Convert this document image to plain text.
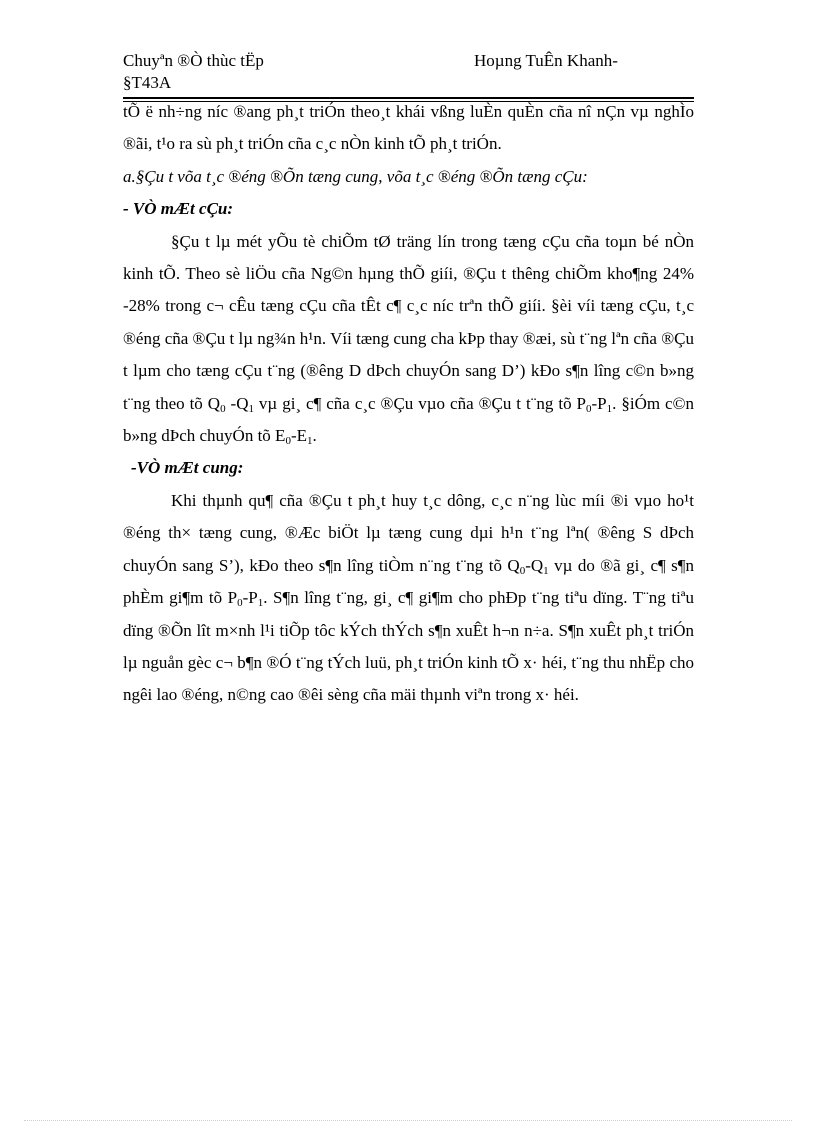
Chuyªn ®Ò thùc tËp
§T43A
Hoµng TuÊn Khanh-

tÕ ë nh÷ng níc ®ang ph¸t triÓn theo¸t khái vßng luÈn quÈn cña nî nÇn vµ nghÌo ®ãi, t¹o ra sù ph¸t triÓn cña c¸c nÒn kinh tÕ ph¸t triÓn.

a.§Çu t võa t¸c ®éng ®Õn tæng cung, võa t¸c ®éng ®Õn tæng cÇu:

- VÒ mÆt cÇu:

§Çu t lµ mét yÕu tè chiÕm tØ träng lín trong tæng cÇu cña toµn bé nÒn kinh tÕ. Theo sè liÖu cña Ng©n hµng thÕ giíi, ®Çu t thêng chiÕm kho¶ng 24% -28% trong c¬ cÊu tæng cÇu cña tÊt c¶ c¸c níc trªn thÕ giíi. §èi víi tæng cÇu, t¸c ®éng cña ®Çu t lµ ng¾n h¹n. Víi tæng cung cha kÞp thay ®æi, sù t¨ng lªn cña ®Çu t lµm cho tæng cÇu t¨ng (®êng D dÞch chuyÓn sang D’) kÐo s¶n lîng c©n b»ng t¨ng theo tõ $Q_0$ $-Q_1$ vµ gi¸ c¶ cña c¸c ®Çu vµo cña ®Çu t t¨ng tõ $P_0-P_1$. §iÓm c©n b»ng dÞch chuyÓn tõ $E_0-E_1$.

-VÒ mÆt cung:

Khi thµnh qu¶ cña ®Çu t ph¸t huy t¸c dông, c¸c n¨ng lùc míi ®i vµo ho¹t ®éng th× tæng cung, ®Æc biÖt lµ tæng cung dµi h¹n t¨ng lªn( ®êng S dÞch chuyÓn sang S’), kÐo theo s¶n lîng tiÒm n¨ng t¨ng tõ $Q_0-Q_1$ vµ do ®ã gi¸ c¶ s¶n phÈm gi¶m tõ $P_0-P_1$. S¶n lîng t¨ng, gi¸ c¶ gi¶m cho phÐp t¨ng tiªu dïng. T¨ng tiªu dïng ®Õn lît m×nh l¹i tiÕp tôc kÝch thÝch s¶n xuÊt h¬n n÷a. S¶n xuÊt ph¸t triÓn lµ nguån gèc c¬ b¶n ®Ó t¨ng tÝch luü, ph¸t triÓn kinh tÕ x· héi, t¨ng thu nhËp cho ngêi lao ®éng, n©ng cao ®êi sèng cña mäi thµnh viªn trong x· héi.
